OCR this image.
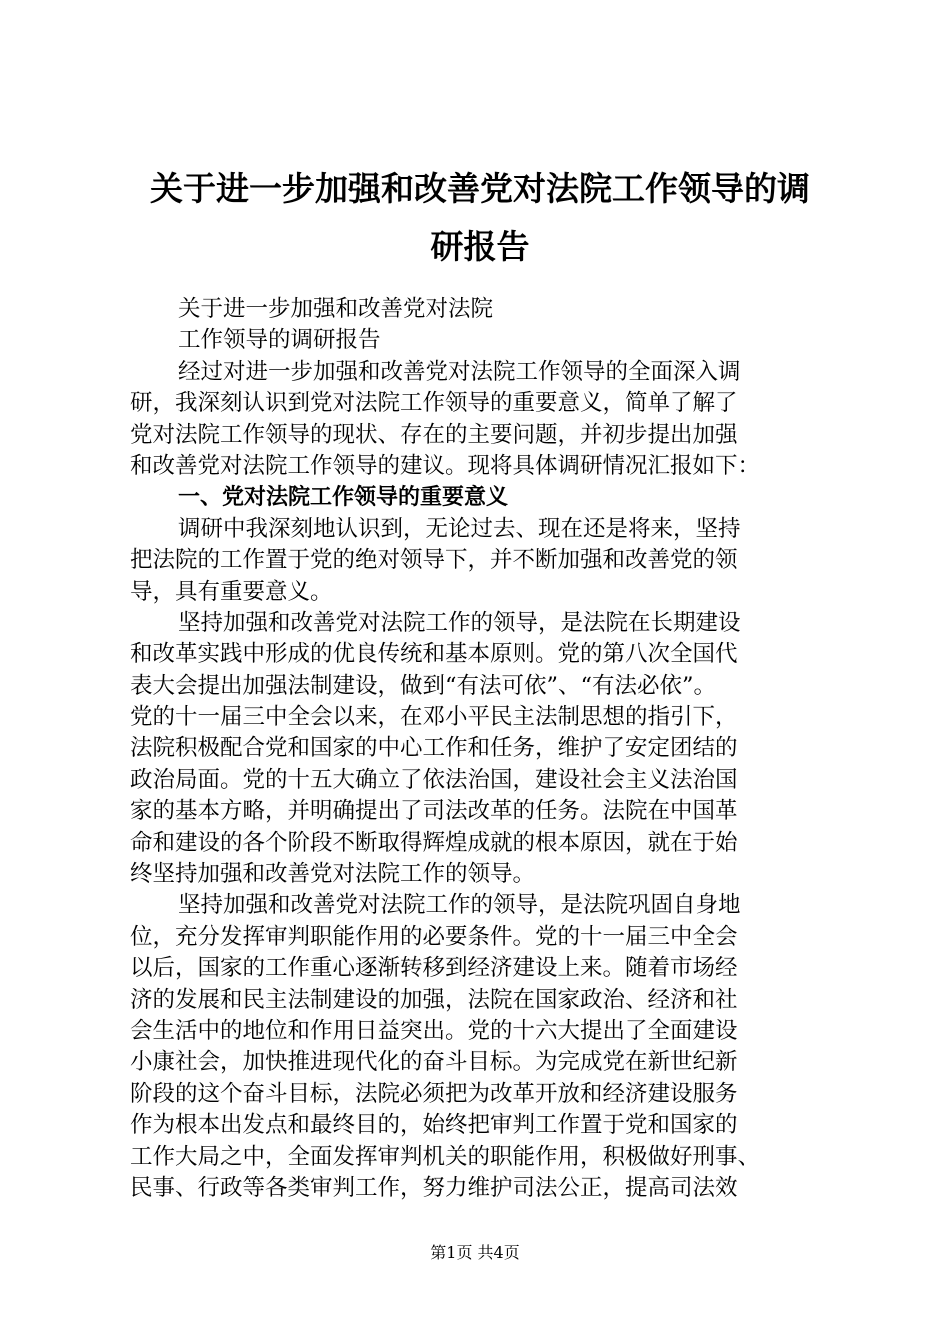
关于进一步加强和改善党对法院工作领导的调
研报告
关于进一步加强和改善党对法院
工作领导的调研报告
经过对进一步加强和改善党对法院工作领导的全面深入调
研，我深刻认识到党对法院工作领导的重要意义，简单了解了
党对法院工作领导的现状、存在的主要问题，并初步提出加强
和改善党对法院工作领导的建议。现将具体调研情况汇报如下：
一、党对法院工作领导的重要意义
调研中我深刻地认识到，无论过去、现在还是将来，坚持
把法院的工作置于党的绝对领导下，并不断加强和改善党的领
导，具有重要意义。
坚持加强和改善党对法院工作的领导，是法院在长期建设
和改革实践中形成的优良传统和基本原则。党的第八次全国代
表大会提出加强法制建设，做到“有法可依”、“有法必依”。
党的十一届三中全会以来，在邓小平民主法制思想的指引下，
法院积极配合党和国家的中心工作和任务，维护了安定团结的
政治局面。党的十五大确立了依法治国，建设社会主义法治国
家的基本方略，并明确提出了司法改革的任务。法院在中国革
命和建设的各个阶段不断取得辉煌成就的根本原因，就在于始
终坚持加强和改善党对法院工作的领导。
坚持加强和改善党对法院工作的领导，是法院巩固自身地
位，充分发挥审判职能作用的必要条件。党的十一届三中全会
以后，国家的工作重心逐渐转移到经济建设上来。随着市场经
济的发展和民主法制建设的加强，法院在国家政治、经济和社
会生活中的地位和作用日益突出。党的十六大提出了全面建设
小康社会，加快推进现代化的奋斗目标。为完成党在新世纪新
阶段的这个奋斗目标，法院必须把为改革开放和经济建设服务
作为根本出发点和最终目的，始终把审判工作置于党和国家的
工作大局之中，全面发挥审判机关的职能作用，积极做好刑事、
民事、行政等各类审判工作，努力维护司法公正，提高司法效
第1页 共4页
